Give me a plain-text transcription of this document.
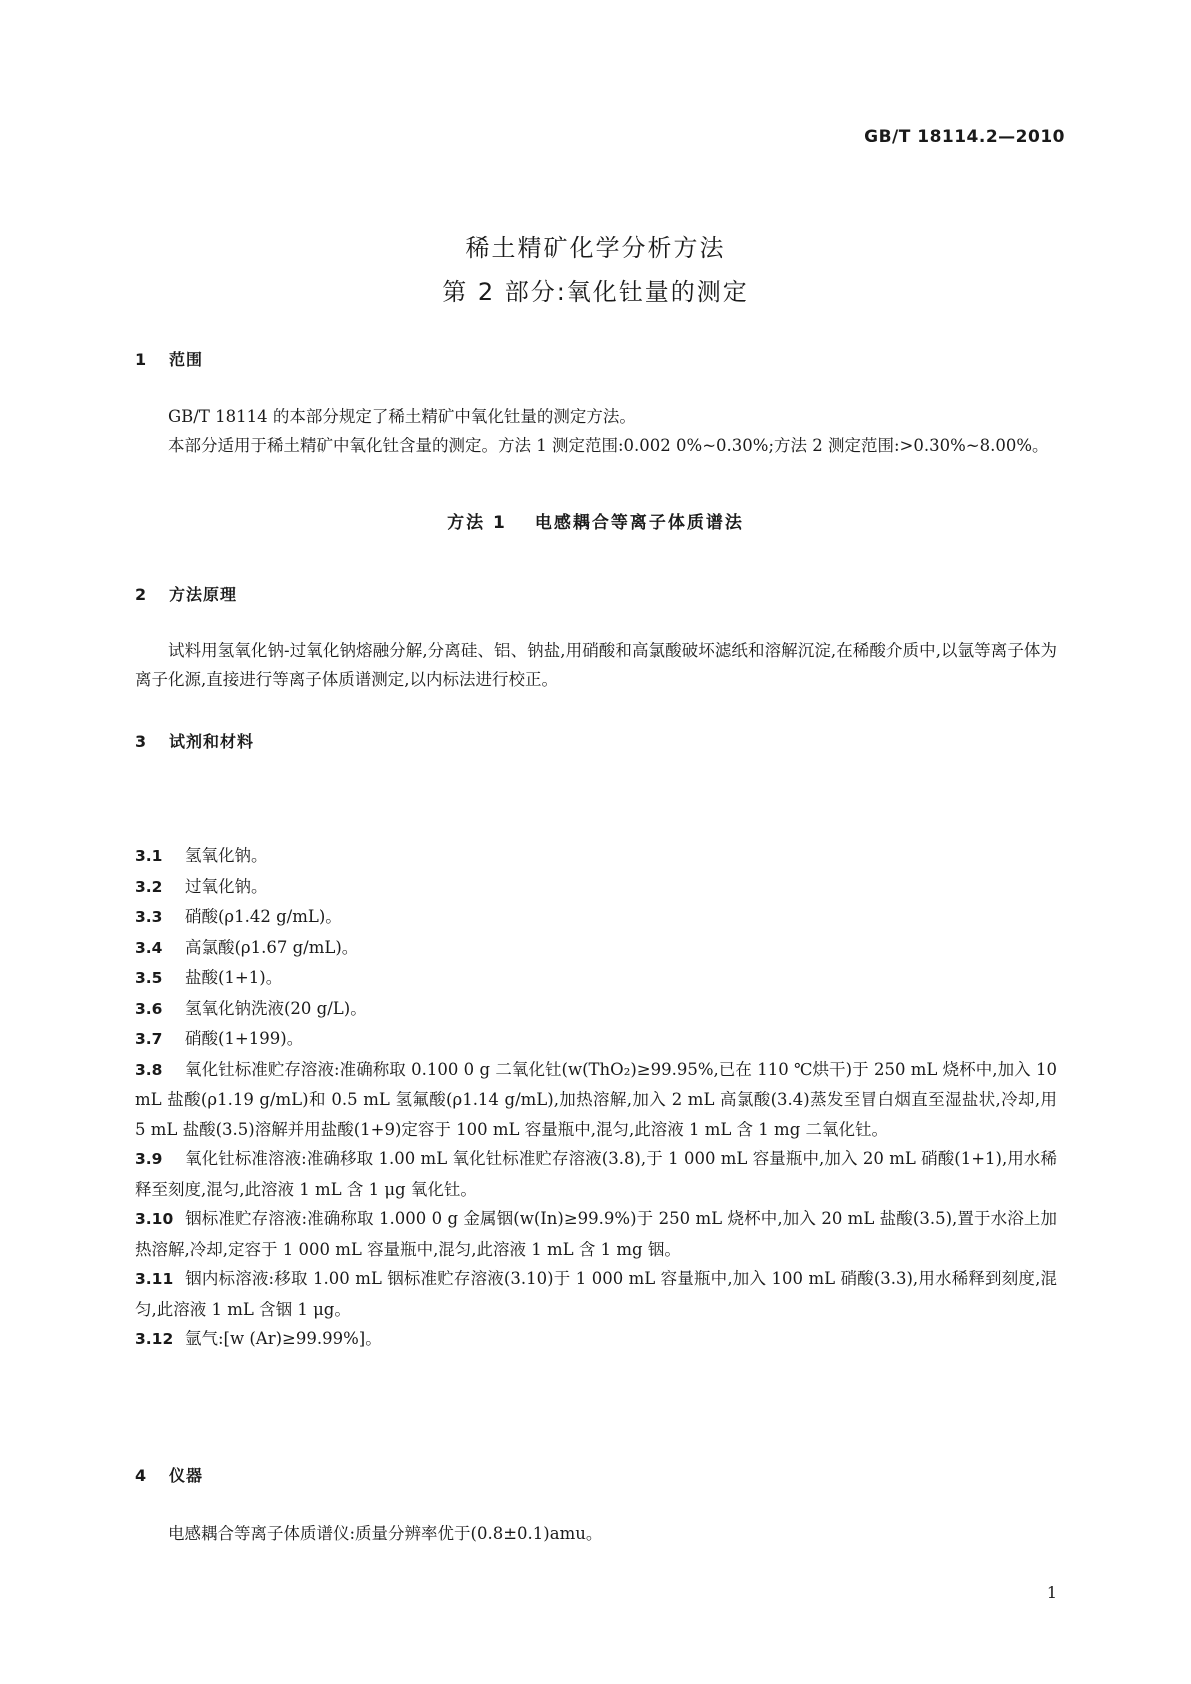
GB/T 18114.2—2010
稀土精矿化学分析方法
第 2 部分:氧化钍量的测定
1 范围
GB/T 18114 的本部分规定了稀土精矿中氧化钍量的测定方法。
本部分适用于稀土精矿中氧化钍含量的测定。方法 1 测定范围:0.002 0%~0.30%;方法 2 测定范围:>0.30%~8.00%。
方法 1 电感耦合等离子体质谱法
2 方法原理
试料用氢氧化钠-过氧化钠熔融分解,分离硅、铝、钠盐,用硝酸和高氯酸破坏滤纸和溶解沉淀,在稀酸介质中,以氩等离子体为离子化源,直接进行等离子体质谱测定,以内标法进行校正。
3 试剂和材料
3.1 氢氧化钠。
3.2 过氧化钠。
3.3 硝酸(ρ1.42 g/mL)。
3.4 高氯酸(ρ1.67 g/mL)。
3.5 盐酸(1+1)。
3.6 氢氧化钠洗液(20 g/L)。
3.7 硝酸(1+199)。
3.8 氧化钍标准贮存溶液:准确称取 0.100 0 g 二氧化钍(w(ThO₂)≥99.95%,已在 110 ℃烘干)于 250 mL 烧杯中,加入 10 mL 盐酸(ρ1.19 g/mL)和 0.5 mL 氢氟酸(ρ1.14 g/mL),加热溶解,加入 2 mL 高氯酸(3.4)蒸发至冒白烟直至湿盐状,冷却,用 5 mL 盐酸(3.5)溶解并用盐酸(1+9)定容于 100 mL 容量瓶中,混匀,此溶液 1 mL 含 1 mg 二氧化钍。
3.9 氧化钍标准溶液:准确移取 1.00 mL 氧化钍标准贮存溶液(3.8),于 1 000 mL 容量瓶中,加入 20 mL 硝酸(1+1),用水稀释至刻度,混匀,此溶液 1 mL 含 1 μg 氧化钍。
3.10 铟标准贮存溶液:准确称取 1.000 0 g 金属铟(w(In)≥99.9%)于 250 mL 烧杯中,加入 20 mL 盐酸(3.5),置于水浴上加热溶解,冷却,定容于 1 000 mL 容量瓶中,混匀,此溶液 1 mL 含 1 mg 铟。
3.11 铟内标溶液:移取 1.00 mL 铟标准贮存溶液(3.10)于 1 000 mL 容量瓶中,加入 100 mL 硝酸(3.3),用水稀释到刻度,混匀,此溶液 1 mL 含铟 1 μg。
3.12 氩气:[w (Ar)≥99.99%]。
4 仪器
电感耦合等离子体质谱仪:质量分辨率优于(0.8±0.1)amu。
1
